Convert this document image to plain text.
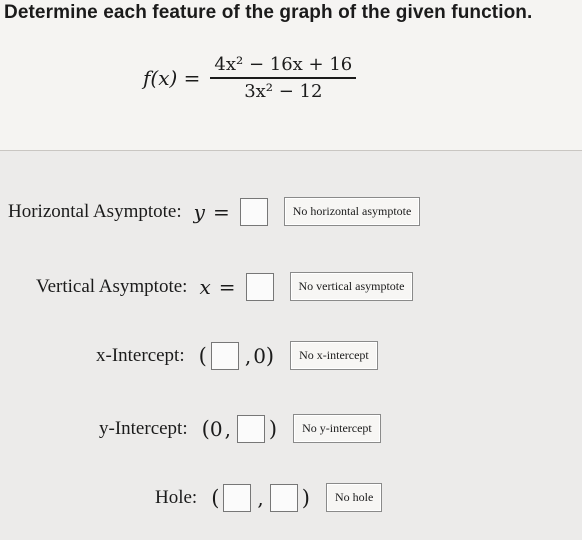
Determine each feature of the graph of the given function.
$f(x) = \frac{\text{4x² − 16x + 16}}{\text{3x² − 12}}$
Horizontal Asymptote: y =	No horizontal asymptote
Vertical Asymptote: x =	No vertical asymptote
x-Intercept: ( , 0 )	No x-intercept
y-Intercept: ( 0 , )	No y-intercept
Hole: ( , )	No hole
